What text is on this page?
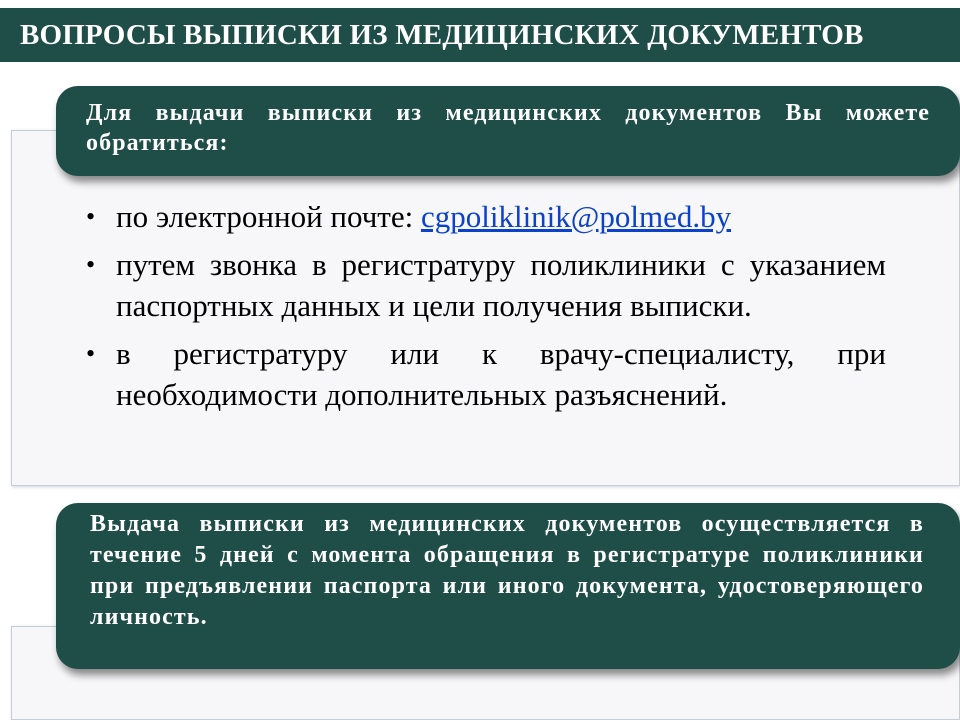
ВОПРОСЫ ВЫПИСКИ ИЗ МЕДИЦИНСКИХ ДОКУМЕНТОВ
Для выдачи выписки из медицинских документов Вы можете обратиться:
• по электронной почте: cgpoliklinik@polmed.by
• путем звонка в регистратуру поликлиники с указанием паспортных данных и цели получения выписки.
• в регистратуру или к врачу-специалисту, при необходимости дополнительных разъяснений.
Выдача выписки из медицинских документов осуществляется в течение 5 дней с момента обращения в регистратуре поликлиники при предъявлении паспорта или иного документа, удостоверяющего личность.
